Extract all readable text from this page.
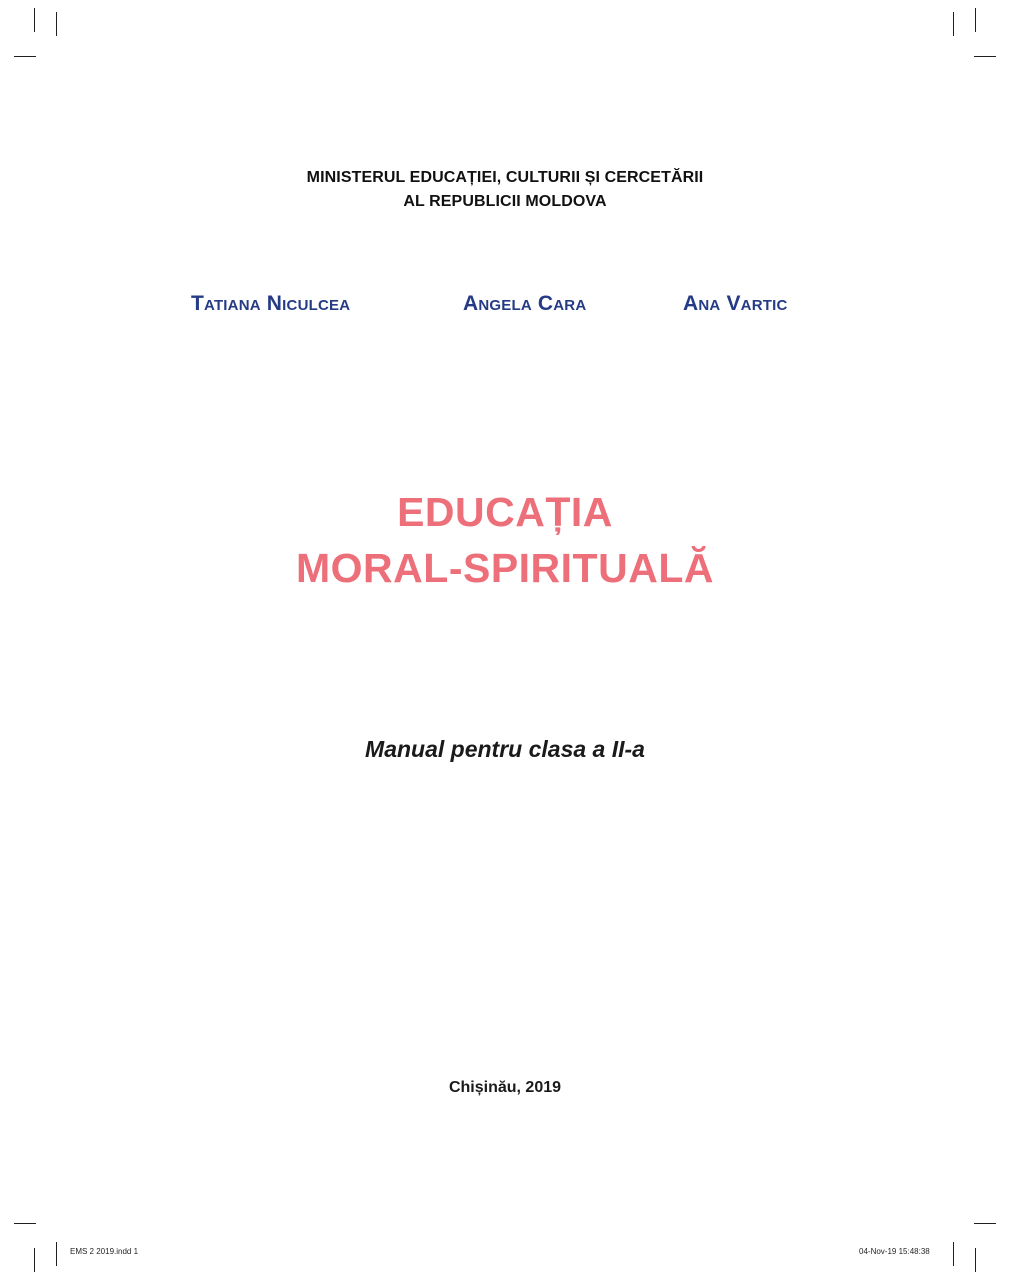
MINISTERUL EDUCAȚIEI, CULTURII ȘI CERCETĂRII
AL REPUBLICII MOLDOVA
Tatiana Niculcea	Angela Cara	Ana Vartic
EDUCAȚIA
MORAL-SPIRITUALĂ
Manual pentru clasa a II-a
Chișinău, 2019
EMS 2 2019.indd 1	04-Nov-19 15:48:38
